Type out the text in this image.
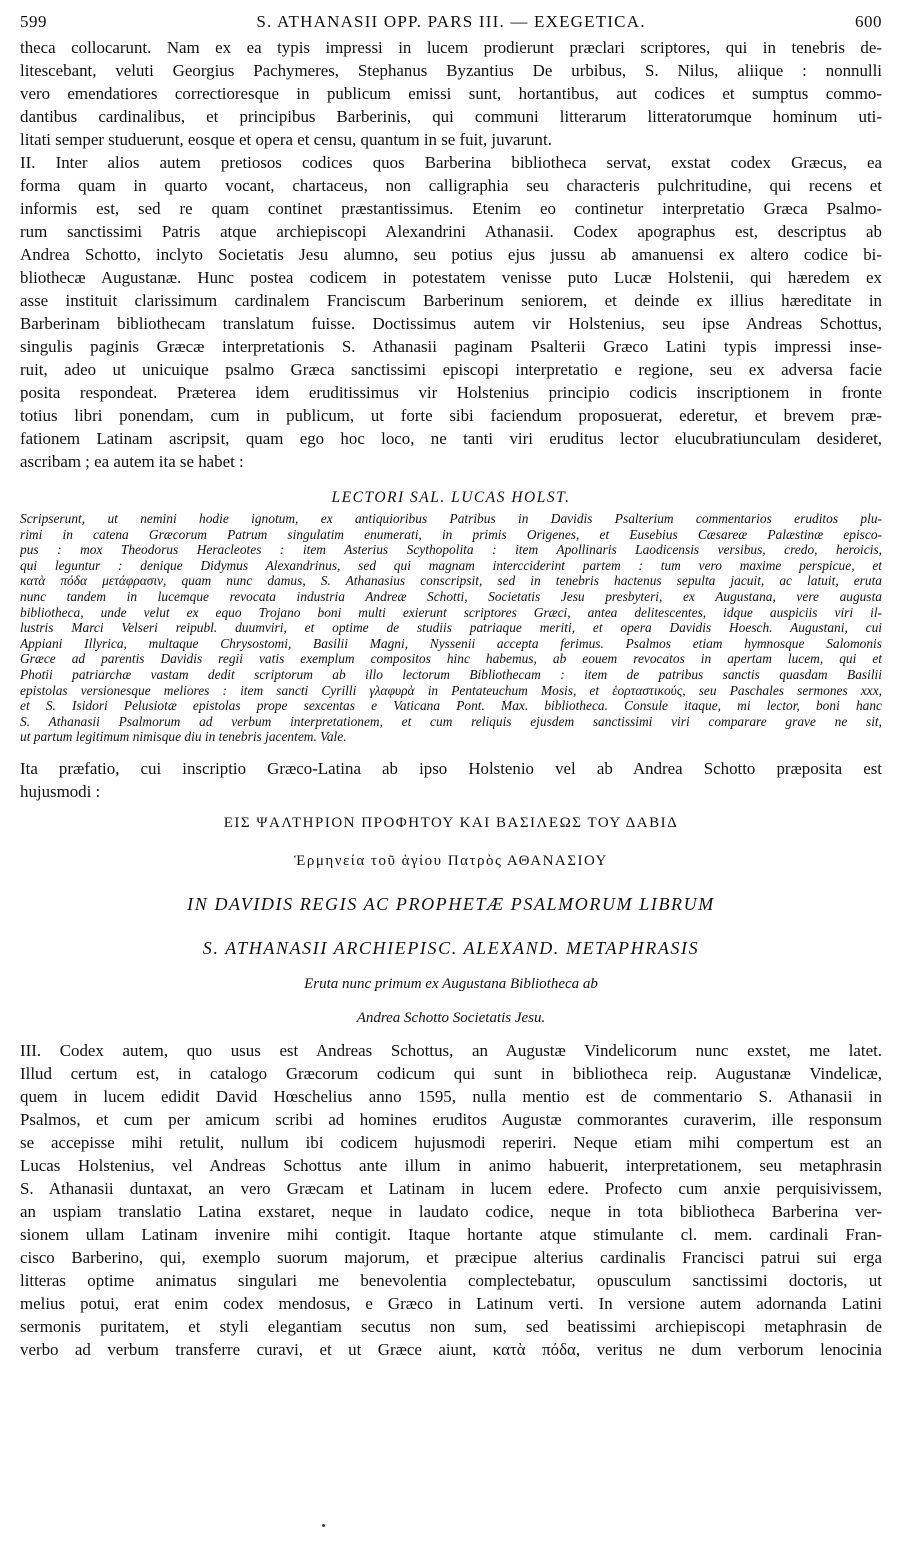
599	S. ATHANASII OPP. PARS III. — EXEGETICA.	600

theca collocarunt. Nam ex ea typis impressi in lucem prodierunt præclari scriptores, qui in tenebris de-
litescebant, veluti Georgius Pachymeres, Stephanus Byzantius De urbibus, S. Nilus, aliique : nonnulli
vero emendatiores correctioresque in publicum emissi sunt, hortantibus, aut codices et sumptus commo-
dantibus cardinalibus, et principibus Barberinis, qui communi litterarum litteratorumque hominum uti-
litati semper studuerunt, eosque et opera et censu, quantum in se fuit, juvarunt.

II. Inter alios autem pretiosos codices quos Barberina bibliotheca servat, exstat codex Græcus, ea
forma quam in quarto vocant, chartaceus, non calligraphia seu characteris pulchritudine, qui recens et
informis est, sed re quam continet præstantissimus. Etenim eo continetur interpretatio Græca Psalmo-
rum sanctissimi Patris atque archiepiscopi Alexandrini Athanasii. Codex apographus est, descriptus ab
Andrea Schotto, inclyto Societatis Jesu alumno, seu potius ejus jussu ab amanuensi ex altero codice bi-
bliothecæ Augustanæ. Hunc postea codicem in potestatem venisse puto Lucæ Holstenii, qui hæredem ex
asse instituit clarissimum cardinalem Franciscum Barberinum seniorem, et deinde ex illius hæreditate in
Barberinam bibliothecam translatum fuisse. Doctissimus autem vir Holstenius, seu ipse Andreas Schottus,
singulis paginis Græcæ interpretationis S. Athanasii paginam Psalterii Græco Latini typis impressi inse-
ruit, adeo ut unicuique psalmo Græca sanctissimi episcopi interpretatio e regione, seu ex adversa facie
posita respondeat. Præterea idem eruditissimus vir Holstenius principio codicis inscriptionem in fronte
totius libri ponendam, cum in publicum, ut forte sibi faciendum proposuerat, ederetur, et brevem præ-
fationem Latinam ascripsit, quam ego hoc loco, ne tanti viri eruditus lector elucubratiunculam desideret,
ascribam ; ea autem ita se habet :

LECTORI SAL. LUCAS HOLST.
Scripserunt, ut nemini hodie ignotum, ex antiquioribus Patribus in Davidis Psalterium commentarios eruditos plu-
rimi in catena Græcorum Patrum singulatim enumerati, in primis Origenes, et Eusebius Cæsareæ Palæstinæ episco-
pus : mox Theodorus Heracleotes : item Asterius Scythopolita : item Apollinaris Laodicensis versibus, credo, heroicis,
qui leguntur : denique Didymus Alexandrinus, sed qui magnam intercciderint partem : tum vero maxime perspicue, et
κατὰ πόδα μετάφρασιν, quam nunc damus, S. Athanasius conscripsit, sed in tenebris hactenus sepulta jacuit, ac latuit, eruta
nunc tandem in lucemque revocata industria Andreæ Schotti, Societatis Jesu presbyteri, ex Augustana, vere augusta
bibliotheca, unde velut ex equo Trojano boni multi exierunt scriptores Græci, antea delitescentes, idque auspiciis viri il-
lustris Marci Velseri reipubl. duumviri, et optime de studiis patriaque meriti, et opera Davidis Hoesch. Augustani, cui
Appiani Illyrica, multaque Chrysostomi, Basilii Magni, Nyssenii accepta ferimus. Psalmos etiam hymnosque Salomonis
Græce ad parentis Davidis regii vatis exemplum compositos hinc habemus, ab eouem revocatos in apertam lucem, qui et
Photii patriarchæ vastam dedit scriptorum ab illo lectorum Bibliothecam : item de patribus sanctis quasdam Basilii
epistolas versionesque meliores : item sancti Cyrilli γλαφυρὰ in Pentateuchum Mosis, et ἑορταστικούς, seu Paschales sermones xxx,
et S. Isidori Pelusiotæ epistolas prope sexcentas e Vaticana Pont. Max. bibliotheca. Consule itaque, mi lector, boni hanc
S. Athanasii Psalmorum ad verbum interpretationem, et cum reliquis ejusdem sanctissimi viri comparare grave ne sit,
ut partum legitimum nimisque diu in tenebris jacentem. Vale.

Ita præfatio, cui inscriptio Græco-Latina ab ipso Holstenio vel ab Andrea Schotto præposita est
hujusmodi :

ΕΙΣ ΨΑΛΤΗΡΙΟΝ ΠΡΟΦΗΤΟΥ ΚΑΙ ΒΑΣΙΛΕΩΣ ΤΟΥ ΔΑΒΙΔ
Ἑρμηνεία τοῦ ἁγίου Πατρὸς ΑΘΑΝΑΣΙΟΥ
IN DAVIDIS REGIS AC PROPHETÆ PSALMORUM LIBRUM
S. ATHANASII ARCHIEPISC. ALEXAND. METAPHRASIS
Eruta nunc primum ex Augustana Bibliotheca ab
Andrea Schotto Societatis Jesu.

III. Codex autem, quo usus est Andreas Schottus, an Augustæ Vindelicorum nunc exstet, me latet.
Illud certum est, in catalogo Græcorum codicum qui sunt in bibliotheca reip. Augustanæ Vindelicæ,
quem in lucem edidit David Hœschelius anno 1595, nulla mentio est de commentario S. Athanasii in
Psalmos, et cum per amicum scribi ad homines eruditos Augustæ commorantes curaverim, ille responsum
se accepisse mihi retulit, nullum ibi codicem hujusmodi reperiri. Neque etiam mihi compertum est an
Lucas Holstenius, vel Andreas Schottus ante illum in animo habuerit, interpretationem, seu metaphrasin
S. Athanasii duntaxat, an vero Græcam et Latinam in lucem edere. Profecto cum anxie perquisivissem,
an uspiam translatio Latina exstaret, neque in laudato codice, neque in tota bibliotheca Barberina ver-
sionem ullam Latinam invenire mihi contigit. Itaque hortante atque stimulante cl. mem. cardinali Fran-
cisco Barberino, qui, exemplo suorum majorum, et præcipue alterius cardinalis Francisci patrui sui erga
litteras optime animatus singulari me benevolentia complectebatur, opusculum sanctissimi doctoris, ut
melius potui, erat enim codex mendosus, e Græco in Latinum verti. In versione autem adornanda Latini
sermonis puritatem, et styli elegantiam secutus non sum, sed beatissimi archiepiscopi metaphrasin de
verbo ad verbum transferre curavi, et ut Græce aiunt, κατὰ πόδα, veritus ne dum verborum lenocinia
